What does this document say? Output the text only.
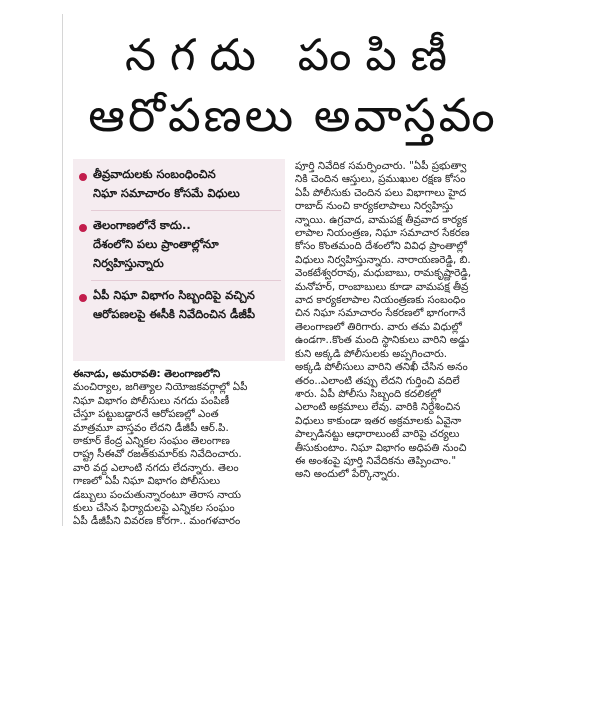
నగదు పంపిణీ
ఆరోపణలు అవాస్తవం
తీవ్రవాదులకు సంబంధించిన
నిఘా సమాచారం కోసమే విధులు
తెలంగాణలోనే కాదు..
దేశంలోని పలు ప్రాంతాల్లోనూ
నిర్వహిస్తున్నారు
ఏపీ నిఘా విభాగం సిబ్బందిపై వచ్చిన
ఆరోపణలపై ఈసీకి నివేదించిన డీజీపీ
ఈనాడు, అమరావతి: తెలంగాణలోని
మంచిర్యాల, జగిత్యాల నియోజకవర్గాల్లో ఏపీ
నిఘా విభాగం పోలీసులు నగదు పంపిణీ
చేస్తూ పట్టుబడ్డారనే ఆరోపణల్లో ఎంత
మాత్రమూ వాస్తవం లేదని డీజీపీ ఆర్.పి.
ఠాకూర్ కేంద్ర ఎన్నికల సంఘం తెలంగాణ
రాష్ట్ర సీఈవో రజత్‌కుమార్‌కు నివేదించారు.
వారి వద్ద ఎలాంటి నగదు లేదన్నారు. తెలం
గాణలో ఏపీ నిఘా విభాగం పోలీసులు
డబ్బులు పంచుతున్నారంటూ తెరాస నాయ
కులు చేసిన ఫిర్యాదులపై ఎన్నికల సంఘం
ఏపీ డీజీపీని వివరణ కోరగా.. మంగళవారం
పూర్తి నివేదిక సమర్పించారు. "ఏపీ ప్రభుత్వా
నికి చెందిన ఆస్తులు, ప్రముఖుల రక్షణ కోసం
ఏపీ పోలీసుకు చెందిన పలు విభాగాలు హైద
రాబాద్ నుంచి కార్యకలాపాలు నిర్వహిస్తు
న్నాయి. ఉగ్రవాద, వామపక్ష తీవ్రవాద కార్యక
లాపాల నియంత్రణ, నిఘా సమాచార సేకరణ
కోసం కొంతమంది దేశంలోని వివిధ ప్రాంతాల్లో
విధులు నిర్వహిస్తున్నారు. నారాయణరెడ్డి, బి.
వెంకటేశ్వరరావు, మధుబాబు, రామకృష్ణారెడ్డి,
మనోహర్, రాంబాబులు కూడా వామపక్ష తీవ్ర
వాద కార్యకలాపాల నియంత్రణకు సంబంధిం
చిన నిఘా సమాచారం సేకరణలో భాగంగానే
తెలంగాణలో తిరిగారు. వారు తమ విధుల్లో
ఉండగా..కొంత మంది స్థానికులు వారిని అడ్డు
కుని అక్కడి పోలీసులకు అప్పగించారు.
అక్కడి పోలీసులు వారిని తనిఖీ చేసిన అనం
తరం..ఎలాంటి తప్పు లేదని గుర్తించి వదిలే
శారు. ఏపీ పోలీసు సిబ్బంది కదలికల్లో
ఎలాంటి అక్రమాలు లేవు. వారికి నిర్దేశించిన
విధులు కాకుండా ఇతర అక్రమాలకు ఏవైనా
పాల్పడినట్టు ఆధారాలుంటే వారిపై చర్యలు
తీసుకుంటాం. నిఘా విభాగం అధిపతి నుంచి
ఈ అంశంపై పూర్తి నివేదికను తెప్పించాం."
అని అందులో పేర్కొన్నారు.
